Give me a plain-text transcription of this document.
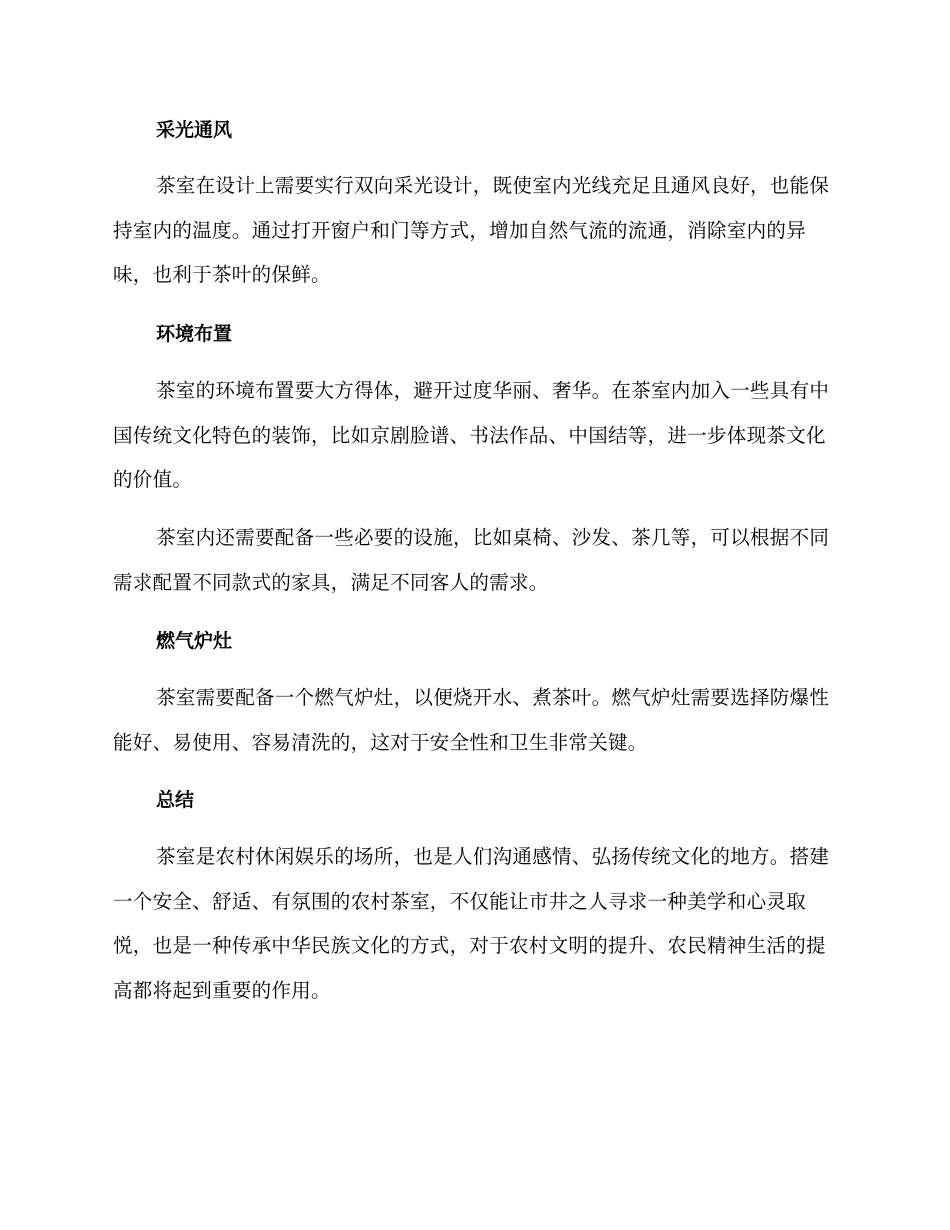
采光通风

茶室在设计上需要实行双向采光设计，既使室内光线充足且通风良好，也能保持室内的温度。通过打开窗户和门等方式，增加自然气流的流通，消除室内的异味，也利于茶叶的保鲜。

环境布置

茶室的环境布置要大方得体，避开过度华丽、奢华。在茶室内加入一些具有中国传统文化特色的装饰，比如京剧脸谱、书法作品、中国结等，进一步体现茶文化的价值。

茶室内还需要配备一些必要的设施，比如桌椅、沙发、茶几等，可以根据不同需求配置不同款式的家具，满足不同客人的需求。

燃气炉灶

茶室需要配备一个燃气炉灶，以便烧开水、煮茶叶。燃气炉灶需要选择防爆性能好、易使用、容易清洗的，这对于安全性和卫生非常关键。

总结

茶室是农村休闲娱乐的场所，也是人们沟通感情、弘扬传统文化的地方。搭建一个安全、舒适、有氛围的农村茶室，不仅能让市井之人寻求一种美学和心灵取悦，也是一种传承中华民族文化的方式，对于农村文明的提升、农民精神生活的提高都将起到重要的作用。
